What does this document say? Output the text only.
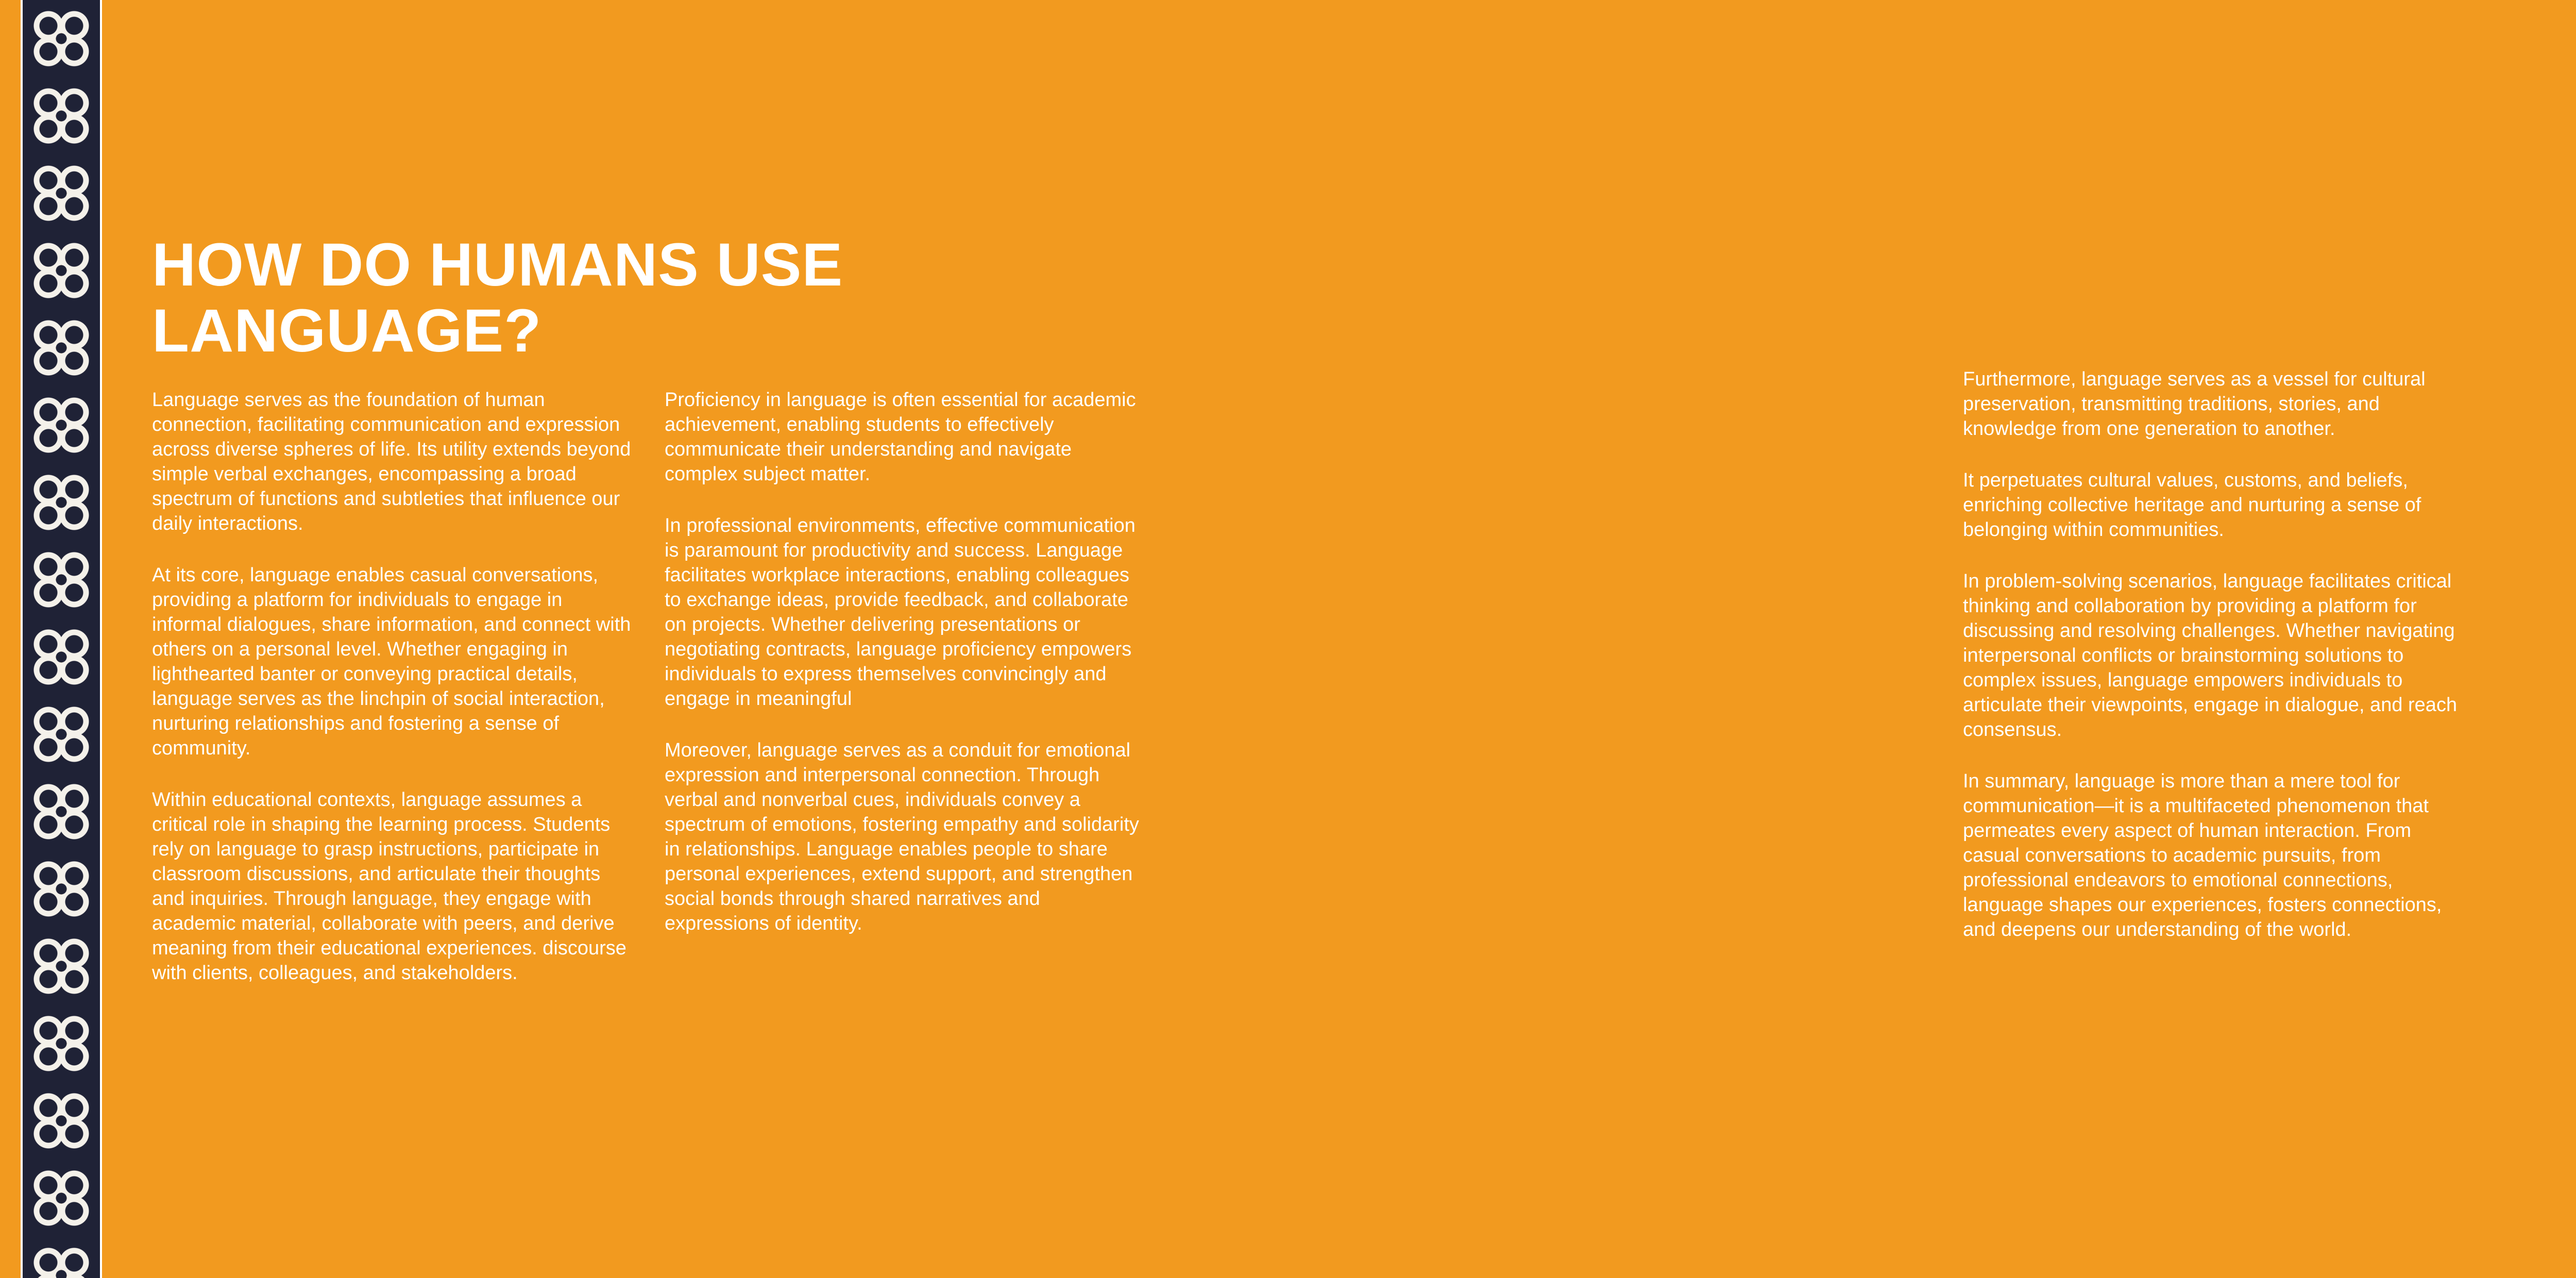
HOW DO HUMANS USE LANGUAGE?

Language serves as the foundation of human connection, facilitating communication and expression across diverse spheres of life. Its utility extends beyond simple verbal exchanges, encompassing a broad spectrum of functions and subtleties that influence our daily interactions.

At its core, language enables casual conversations, providing a platform for individuals to engage in informal dialogues, share information, and connect with others on a personal level. Whether engaging in lighthearted banter or conveying practical details, language serves as the linchpin of social interaction, nurturing relationships and fostering a sense of community.

Within educational contexts, language assumes a critical role in shaping the learning process. Students rely on language to grasp instructions, participate in classroom discussions, and articulate their thoughts and inquiries. Through language, they engage with academic material, collaborate with peers, and derive meaning from their educational experiences. discourse with clients, colleagues, and stakeholders.

Proficiency in language is often essential for academic achievement, enabling students to effectively communicate their understanding and navigate complex subject matter.

In professional environments, effective communication is paramount for productivity and success. Language facilitates workplace interactions, enabling colleagues to exchange ideas, provide feedback, and collaborate on projects. Whether delivering presentations or negotiating contracts, language proficiency empowers individuals to express themselves convincingly and engage in meaningful

Moreover, language serves as a conduit for emotional expression and interpersonal connection. Through verbal and nonverbal cues, individuals convey a spectrum of emotions, fostering empathy and solidarity in relationships. Language enables people to share personal experiences, extend support, and strengthen social bonds through shared narratives and expressions of identity.

Furthermore, language serves as a vessel for cultural preservation, transmitting traditions, stories, and knowledge from one generation to another.

It perpetuates cultural values, customs, and beliefs, enriching collective heritage and nurturing a sense of belonging within communities.

In problem-solving scenarios, language facilitates critical thinking and collaboration by providing a platform for discussing and resolving challenges. Whether navigating interpersonal conflicts or brainstorming solutions to complex issues, language empowers individuals to articulate their viewpoints, engage in dialogue, and reach consensus.

In summary, language is more than a mere tool for communication—it is a multifaceted phenomenon that permeates every aspect of human interaction. From casual conversations to academic pursuits, from professional endeavors to emotional connections, language shapes our experiences, fosters connections, and deepens our understanding of the world.
